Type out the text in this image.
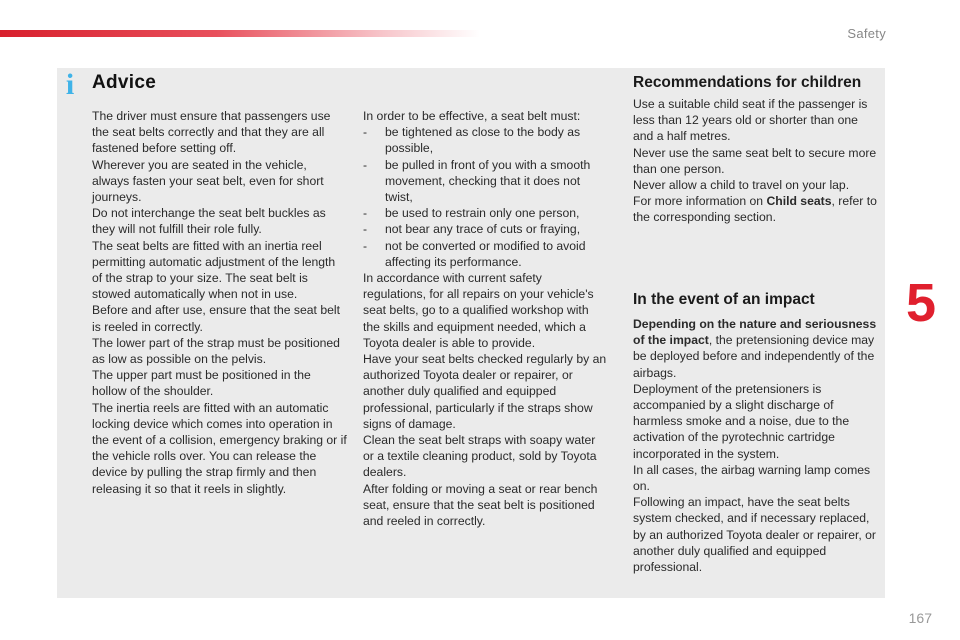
Safety
i Advice

The driver must ensure that passengers use the seat belts correctly and that they are all fastened before setting off.

Wherever you are seated in the vehicle, always fasten your seat belt, even for short journeys.

Do not interchange the seat belt buckles as they will not fulfill their role fully.

The seat belts are fitted with an inertia reel permitting automatic adjustment of the length of the strap to your size. The seat belt is stowed automatically when not in use.

Before and after use, ensure that the seat belt is reeled in correctly.

The lower part of the strap must be positioned as low as possible on the pelvis.

The upper part must be positioned in the hollow of the shoulder.

The inertia reels are fitted with an automatic locking device which comes into operation in the event of a collision, emergency braking or if the vehicle rolls over. You can release the device by pulling the strap firmly and then releasing it so that it reels in slightly.

In order to be effective, a seat belt must:

-	be tightened as close to the body as possible,
-	be pulled in front of you with a smooth movement, checking that it does not twist,
-	be used to restrain only one person,
-	not bear any trace of cuts or fraying,
-	not be converted or modified to avoid affecting its performance.

In accordance with current safety regulations, for all repairs on your vehicle's seat belts, go to a qualified workshop with the skills and equipment needed, which a Toyota dealer is able to provide.

Have your seat belts checked regularly by an authorized Toyota dealer or repairer, or another duly qualified and equipped professional, particularly if the straps show signs of damage.

Clean the seat belt straps with soapy water or a textile cleaning product, sold by Toyota dealers.

After folding or moving a seat or rear bench seat, ensure that the seat belt is positioned and reeled in correctly.

Recommendations for children

Use a suitable child seat if the passenger is less than 12 years old or shorter than one and a half metres.

Never use the same seat belt to secure more than one person.

Never allow a child to travel on your lap.

For more information on Child seats, refer to the corresponding section.

In the event of an impact

Depending on the nature and seriousness of the impact, the pretensioning device may be deployed before and independently of the airbags.

Deployment of the pretensioners is accompanied by a slight discharge of harmless smoke and a noise, due to the activation of the pyrotechnic cartridge incorporated in the system.

In all cases, the airbag warning lamp comes on.

Following an impact, have the seat belts system checked, and if necessary replaced, by an authorized Toyota dealer or repairer, or another duly qualified and equipped professional.

5
167
